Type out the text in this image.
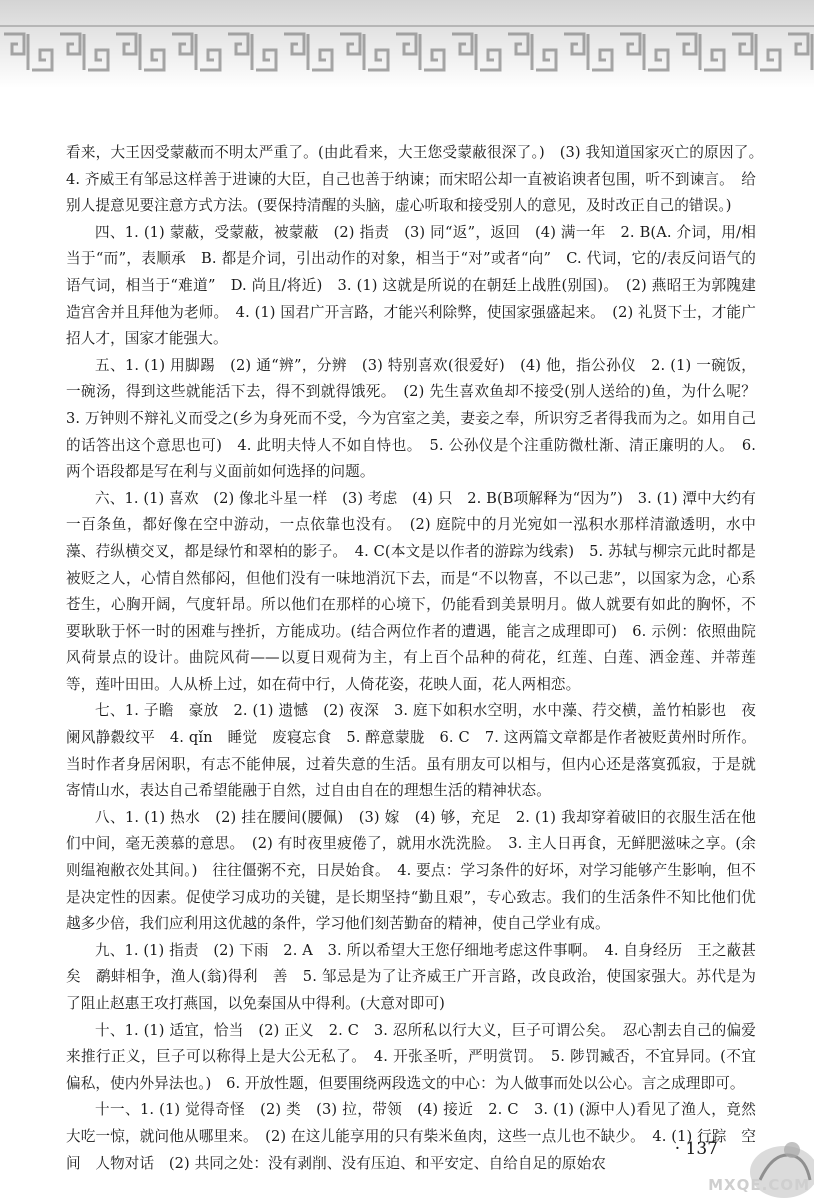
看来，大王因受蒙蔽而不明太严重了。(由此看来，大王您受蒙蔽很深了。)　(3) 我知道国家灭亡的原因了。　4. 齐威王有邹忌这样善于进谏的大臣，自己也善于纳谏；而宋昭公却一直被谄谀者包围，听不到谏言。　给别人提意见要注意方式方法。(要保持清醒的头脑，虚心听取和接受别人的意见，及时改正自己的错误。)

四、1. (1) 蒙蔽，受蒙蔽，被蒙蔽　(2) 指责　(3) 同“返”，返回　(4) 满一年　2. B(A. 介词，用/相当于“而”，表顺承　B. 都是介词，引出动作的对象，相当于“对”或者“向”　C. 代词，它的/表反问语气的语气词，相当于“难道”　D. 尚且/将近)　3. (1) 这就是所说的在朝廷上战胜(别国)。　(2) 燕昭王为郭隗建造宫舍并且拜他为老师。　4. (1) 国君广开言路，才能兴利除弊，使国家强盛起来。　(2) 礼贤下士，才能广招人才，国家才能强大。

五、1. (1) 用脚踢　(2) 通“辨”，分辨　(3) 特别喜欢(很爱好)　(4) 他，指公孙仪　2. (1) 一碗饭，一碗汤，得到这些就能活下去，得不到就得饿死。　(2) 先生喜欢鱼却不接受(别人送给的)鱼，为什么呢？　3. 万钟则不辩礼义而受之(乡为身死而不受，今为宫室之美，妻妾之奉，所识穷乏者得我而为之。如用自己的话答出这个意思也可)　4. 此明夫恃人不如自恃也。　5. 公孙仪是个注重防微杜渐、清正廉明的人。　6. 两个语段都是写在利与义面前如何选择的问题。

六、1. (1) 喜欢　(2) 像北斗星一样　(3) 考虑　(4) 只　2. B(B项解释为“因为”)　3. (1) 潭中大约有一百条鱼，都好像在空中游动，一点依靠也没有。　(2) 庭院中的月光宛如一泓积水那样清澈透明，水中藻、荇纵横交叉，都是绿竹和翠柏的影子。　4. C(本文是以作者的游踪为线索)　5. 苏轼与柳宗元此时都是被贬之人，心情自然郁闷，但他们没有一味地消沉下去，而是“不以物喜，不以己悲”，以国家为念，心系苍生，心胸开阔，气度轩昂。所以他们在那样的心境下，仍能看到美景明月。做人就要有如此的胸怀，不要耿耿于怀一时的困难与挫折，方能成功。(结合两位作者的遭遇，能言之成理即可)　6. 示例：依照曲院风荷景点的设计。曲院风荷——以夏日观荷为主，有上百个品种的荷花，红莲、白莲、洒金莲、并蒂莲等，莲叶田田。人从桥上过，如在荷中行，人倚花姿，花映人面，花人两相恋。

七、1. 子瞻　豪放　2. (1) 遗憾　(2) 夜深　3. 庭下如积水空明，水中藻、荇交横，盖竹柏影也　夜阑风静縠纹平　4. qǐn　睡觉　废寝忘食　5. 醉意蒙胧　6. C　7. 这两篇文章都是作者被贬黄州时所作。当时作者身居闲职，有志不能伸展，过着失意的生活。虽有朋友可以相与，但内心还是落寞孤寂，于是就寄情山水，表达自己希望能融于自然，过自由自在的理想生活的精神状态。

八、1. (1) 热水　(2) 挂在腰间(腰佩)　(3) 嫁　(4) 够，充足　2. (1) 我却穿着破旧的衣服生活在他们中间，毫无羡慕的意思。　(2) 有时夜里疲倦了，就用水洗洗脸。　3. 主人日再食，无鲜肥滋味之享。(余则缊袍敝衣处其间。)　往往僵粥不充，日昃始食。　4. 要点：学习条件的好坏，对学习能够产生影响，但不是决定性的因素。促使学习成功的关键，是长期坚持“勤且艰”，专心致志。我们的生活条件不知比他们优越多少倍，我们应利用这优越的条件，学习他们刻苦勤奋的精神，使自己学业有成。

九、1. (1) 指责　(2) 下雨　2. A　3. 所以希望大王您仔细地考虑这件事啊。　4. 自身经历　王之蔽甚矣　鹬蚌相争，渔人(翁)得利　善　5. 邹忌是为了让齐威王广开言路，改良政治，使国家强大。苏代是为了阻止赵惠王攻打燕国，以免秦国从中得利。(大意对即可)

十、1. (1) 适宜，恰当　(2) 正义　2. C　3. 忍所私以行大义，巨子可谓公矣。　忍心割去自己的偏爱来推行正义，巨子可以称得上是大公无私了。　4. 开张圣听，严明赏罚。　5. 陟罚臧否，不宜异同。(不宜偏私，使内外异法也。)　6. 开放性题，但要围绕两段选文的中心：为人做事而处以公心。言之成理即可。

十一、1. (1) 觉得奇怪　(2) 类　(3) 拉，带领　(4) 接近　2. C　3. (1) (源中人)看见了渔人，竟然大吃一惊，就问他从哪里来。　(2) 在这儿能享用的只有柴米鱼肉，这些一点儿也不缺少。　4. (1) 行踪　空间　人物对话　(2) 共同之处：没有剥削、没有压迫、和平安定、自给自足的原始农

· 137
MXQE.COM
